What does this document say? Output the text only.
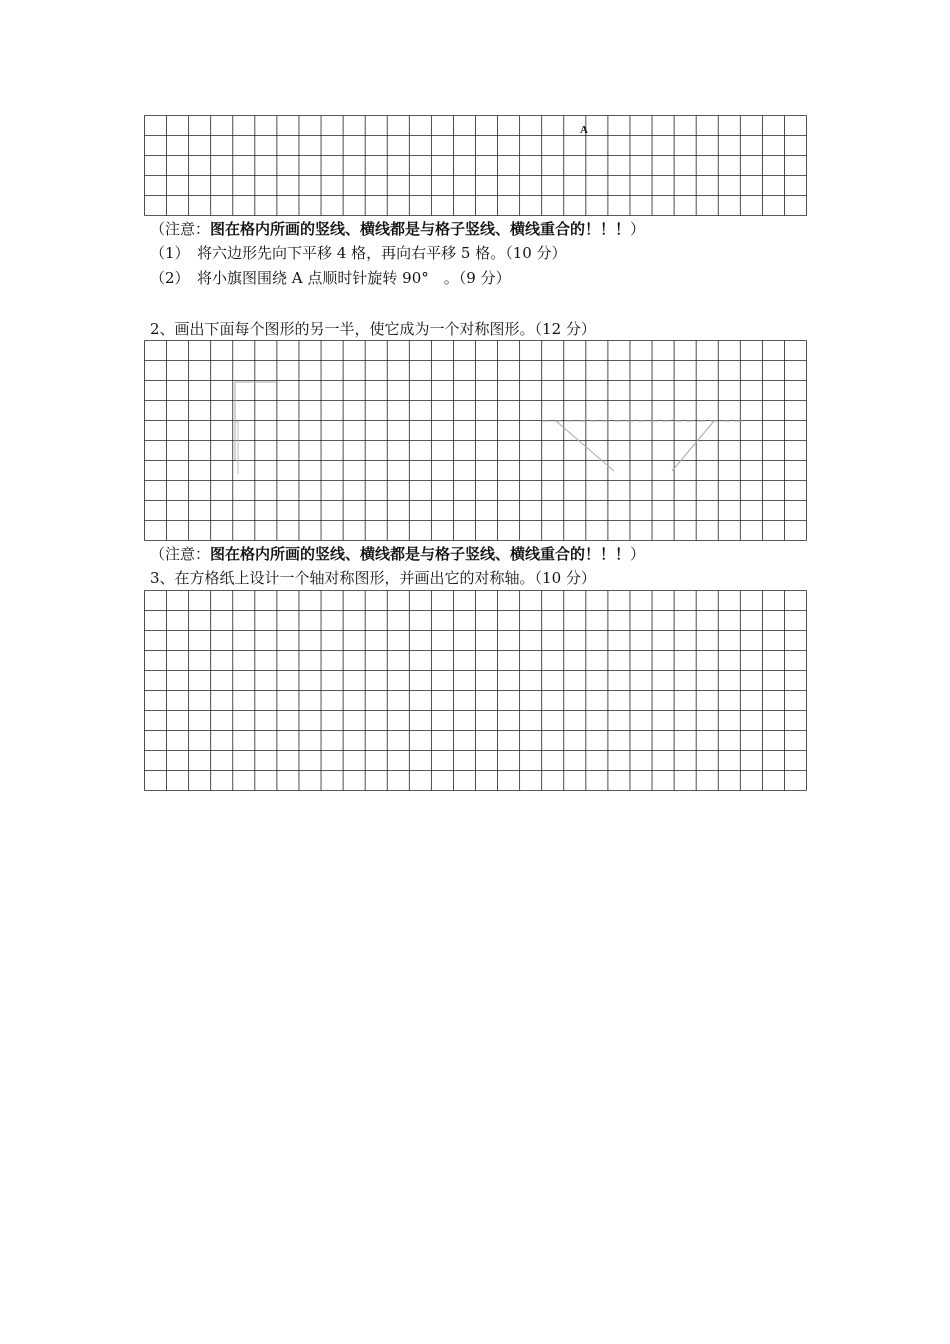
A
（注意：图在格内所画的竖线、横线都是与格子竖线、横线重合的！！！）
（1）　将六边形先向下平移 4 格，再向右平移 5 格。（10 分）
（2）　将小旗图围绕 A 点顺时针旋转 90°　。（9 分）
2、画出下面每个图形的另一半，使它成为一个对称图形。（12 分）
（注意：图在格内所画的竖线、横线都是与格子竖线、横线重合的！！！）
3、在方格纸上设计一个轴对称图形，并画出它的对称轴。（10 分）
